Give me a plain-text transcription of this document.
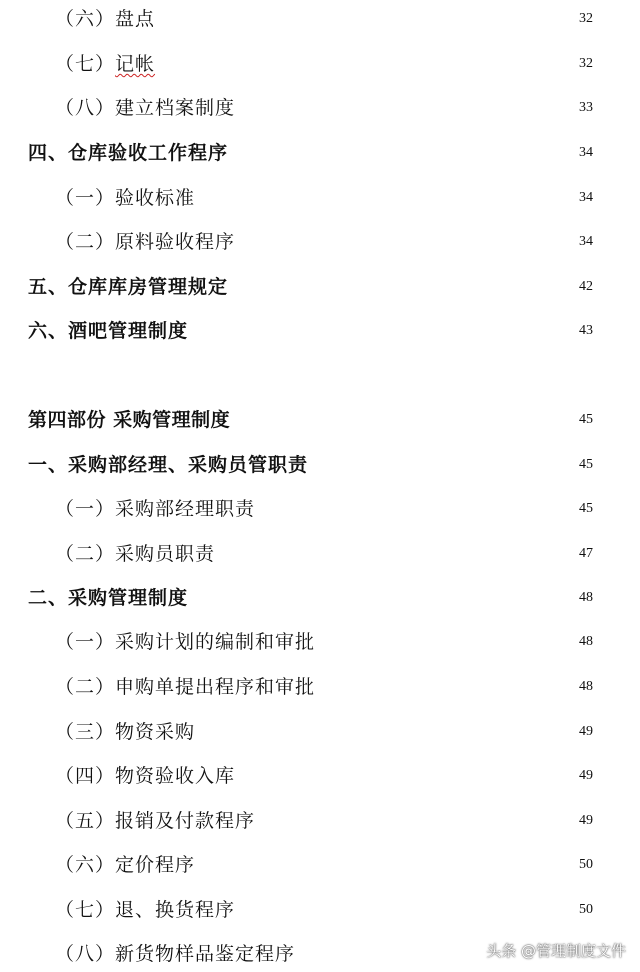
（六）盘点	32
（七）记帐	32
（八）建立档案制度	33
四、仓库验收工作程序	34
（一）验收标准	34
（二）原料验收程序	34
五、仓库库房管理规定	42
六、酒吧管理制度	43
第四部份 采购管理制度	45
一、采购部经理、采购员管职责	45
（一）采购部经理职责	45
（二）采购员职责	47
二、采购管理制度	48
（一）采购计划的编制和审批	48
（二）申购单提出程序和审批	48
（三）物资采购	49
（四）物资验收入库	49
（五）报销及付款程序	49
（六）定价程序	50
（七）退、换货程序	50
（八）新货物样品鉴定程序	头条 @管理制度文件
